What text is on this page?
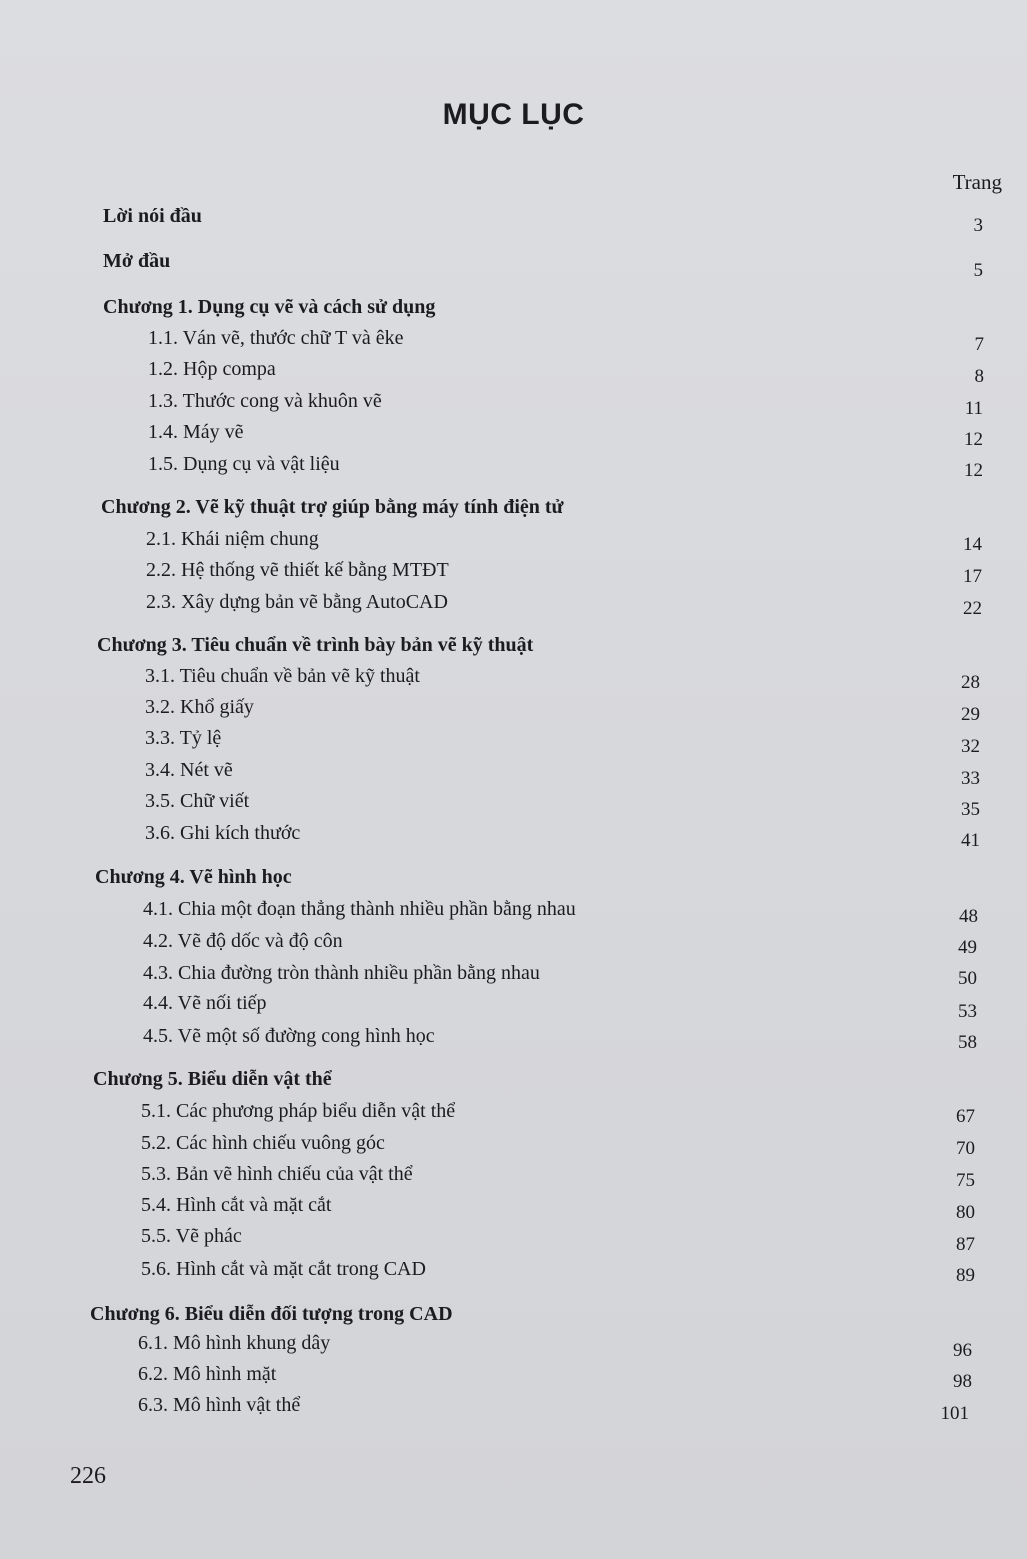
MỤC LỤC
Trang
Lời nói đầu	3
Mở đầu	5
Chương 1. Dụng cụ vẽ và cách sử dụng
1.1. Ván vẽ, thước chữ T và êke	7
1.2. Hộp compa	8
1.3. Thước cong và khuôn vẽ	11
1.4. Máy vẽ	12
1.5. Dụng cụ và vật liệu	12
Chương 2. Vẽ kỹ thuật trợ giúp bằng máy tính điện tử
2.1. Khái niệm chung	14
2.2. Hệ thống vẽ thiết kế bằng MTĐT	17
2.3. Xây dựng bản vẽ bằng AutoCAD	22
Chương 3. Tiêu chuẩn về trình bày bản vẽ kỹ thuật
3.1. Tiêu chuẩn về bản vẽ kỹ thuật	28
3.2. Khổ giấy	29
3.3. Tỷ lệ	32
3.4. Nét vẽ	33
3.5. Chữ viết	35
3.6. Ghi kích thước	41
Chương 4. Vẽ hình học
4.1. Chia một đoạn thẳng thành nhiều phần bằng nhau	48
4.2. Vẽ độ dốc và độ côn	49
4.3. Chia đường tròn thành nhiều phần bằng nhau	50
4.4. Vẽ nối tiếp	53
4.5. Vẽ một số đường cong hình học	58
Chương 5. Biểu diễn vật thể
5.1. Các phương pháp biểu diễn vật thể	67
5.2. Các hình chiếu vuông góc	70
5.3. Bản vẽ hình chiếu của vật thể	75
5.4. Hình cắt và mặt cắt	80
5.5. Vẽ phác	87
5.6. Hình cắt và mặt cắt trong CAD	89
Chương 6. Biểu diễn đối tượng trong CAD
6.1. Mô hình khung dây	96
6.2. Mô hình mặt	98
6.3. Mô hình vật thể	101
226
